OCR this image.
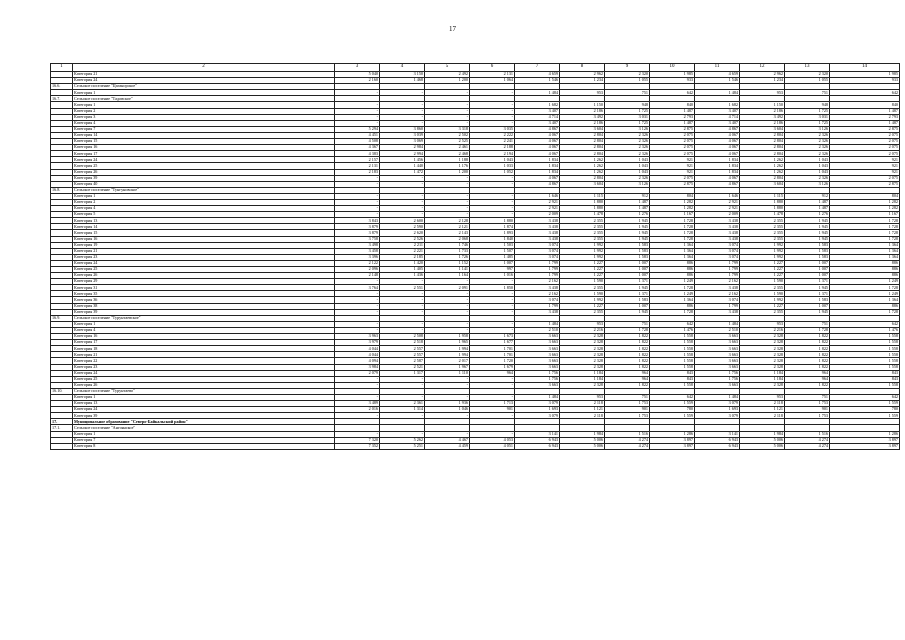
17
1	2	3	4	5	6	7	8	9	10	11	12	13	14
	Категория 21	5 040	3 150	2 492	2 131	4 659	2 962	2 320	1 985	4 659	2 962	2 320	1 985
	Категория 24	2 160	1 468	1 200	1 064	1 546	1 234	1 055	933	1 546	1 234	1 055	933
16.6.	Сельское поселение "Цаганорское"												
	Категория 1	-	-	-	-	1 484	953	751	642	1 484	953	751	642
16.7.	Сельское поселение "Тадовское"												
	Категория 1	-	-	-	-	1 682	1 150	948	840	1 682	1 150	948	840
	Категория 2	-	-	-	-	3 407	2 186	1 725	1 487	3 407	2 186	1 725	1 487
	Категория 3	-	-	-	-	4 714	3 492	3 031	2 793	4 714	3 492	3 031	2 793
	Категория 4	-	-	-	-	3 407	2 186	1 725	1 487	3 407	2 186	1 725	1 487
	Категория 7	5 294	3 860	3 318	3 035	4 867	3 604	3 126	2 875	4 867	3 604	3 126	2 875
	Категория 14	4 451	3 039	2 502	2 222	4 067	2 804	2 326	2 075	4 067	2 804	2 326	2 075
	Категория 15	4 508	3 069	2 525	2 241	4 067	2 804	2 326	2 075	4 067	2 804	2 326	2 075
	Категория 16	4 367	2 984	2 461	2 188	4 067	2 804	2 326	2 075	4 067	2 804	2 326	2 075
	Категория 17	4 383	2 994	2 468	2 194	4 067	2 804	2 326	2 075	4 067	2 804	2 326	2 075
	Категория 24	2 157	1 456	1 188	1 043	1 834	1 262	1 043	921	1 834	1 262	1 043	921
	Категория 25	2 131	1 440	1 176	1 033	1 834	1 262	1 043	921	1 834	1 262	1 043	921
	Категория 26	2 183	1 472	1 200	1 052	1 834	1 262	1 043	921	1 834	1 262	1 043	921
	Категория 39	-	-	-	-	4 067	2 804	2 326	2 075	4 067	2 804	2 326	2 075
	Категория 40	-	-	-	-	4 867	3 604	3 126	2 875	4 867	3 604	3 126	2 875
16.8.	Сельское поселение "Тунгуновское"												
	Категория 1	-	-	-	-	1 646	1 115	912	804	1 646	1 115	912	804
	Категория 2	-	-	-	-	2 921	1 880	1 487	1 282	2 921	1 880	1 487	1 282
	Категория 4	-	-	-	-	2 921	1 880	1 487	1 282	2 921	1 880	1 487	1 282
	Категория 5	-	-	-	-	2 009	1 478	1 276	1 167	2 009	1 478	1 276	1 167
	Категория 13	3 843	2 600	2 128	1 880	3 438	2 355	1 945	1 728	3 438	2 355	1 945	1 728
	Категория 14	3 879	2 590	2 121	1 874	3 438	2 355	1 945	1 728	3 438	2 355	1 945	1 728
	Категория 15	3 879	2 620	2 143	1 893	3 438	2 355	1 945	1 728	3 438	2 355	1 945	1 728
	Категория 16	3 758	2 526	2 068	1 840	3 438	2 355	1 945	1 728	3 438	2 355	1 945	1 728
	Категория 19	3 498	2 211	1 746	1 503	3 074	1 992	1 583	1 364	3 074	1 992	1 583	1 364
	Категория 21	3 458	2 221	1 733	1 507	3 074	1 992	1 583	1 364	3 074	1 992	1 583	1 364
	Категория 23	3 396	2 185	1 726	1 485	3 074	1 992	1 583	1 364	3 074	1 992	1 583	1 364
	Категория 24	2 122	1 420	1 152	1 007	1 799	1 227	1 007	886	1 799	1 227	1 007	886
	Категория 25	2 096	1 405	1 141	997	1 799	1 227	1 007	886	1 799	1 227	1 007	886
	Категория 26	2 148	1 436	1 164	1 016	1 799	1 227	1 007	886	1 799	1 227	1 007	886
	Категория 29	-	-	-	-	2 162	1 590	1 371	1 249	2 162	1 590	1 371	1 249
	Категория 31	3 764	2 551	2 091	1 850	3 438	2 355	1 945	1 728	3 438	2 355	1 945	1 728
	Категория 35	-	-	-	-	2 162	1 590	1 371	1 249	2 162	1 590	1 371	1 249
	Категория 36	-	-	-	-	3 074	1 992	1 583	1 364	3 074	1 992	1 583	1 364
	Категория 38	-	-	-	-	1 799	1 227	1 007	886	1 799	1 227	1 007	886
	Категория 39	-	-	-	-	3 438	2 355	1 945	1 728	3 438	2 355	1 945	1 728
16.9.	Сельское поселение "Турунтаевское"												
	Категория 1	-	-	-	-	1 484	953	751	642	1 484	953	751	642
	Категория 4	-	-	-	-	2 510	2 216	1 728	1 476	2 510	2 216	1 728	1 476
	Категория 16	3 963	2 508	1 958	1 673	3 663	2 328	1 822	1 558	3 663	2 328	1 822	1 558
	Категория 17	3 979	2 518	1 965	1 677	3 663	2 328	1 822	1 558	3 663	2 328	1 822	1 558
	Категория 18	4 044	2 557	1 994	1 701	3 663	2 328	1 822	1 558	3 663	2 328	1 822	1 558
	Категория 21	4 044	2 557	1 994	1 701	3 663	2 328	1 822	1 558	3 663	2 328	1 822	1 558
	Категория 22	4 094	2 587	2 017	1 720	3 663	2 328	1 822	1 558	3 663	2 328	1 822	1 558
	Категория 23	3 984	2 521	1 967	1 679	3 663	2 328	1 822	1 558	3 663	2 328	1 822	1 558
	Категория 24	2 079	1 317	1 110	964	1 756	1 184	964	843	1 756	1 184	964	843
	Категория 25	-	-	-	-	1 756	1 184	964	843	1 756	1 184	964	843
	Категория 26	-	-	-	-	3 663	2 328	1 822	1 558	3 663	2 328	1 822	1 558
16.10.	Сельское поселение "Турунтаево"												
	Категория 1	-	-	-	-	1 484	953	751	642	1 484	953	751	642
	Категория 13	3 489	2 361	1 936	1 713	3 079	2 118	1 753	1 559	3 079	2 118	1 753	1 559
	Категория 24	2 016	1 314	1 046	901	1 693	1 121	901	780	1 693	1 121	901	780
	Категория 39	-	-	-	-	3 079	2 118	1 753	1 559	3 079	2 118	1 753	1 559
17.	Муниципальное образование "Северо-Байкальский район"												
17.1.	Сельское поселение "Ангоянское"												
	Категория 1	-	-	-	-	3 141	1 984	1 516	1 286	3 141	1 984	1 516	1 286
	Категория 7	7 320	5 262	4 467	4 053	6 943	5 006	4 274	3 897	6 943	5 006	4 274	3 897
	Категория 8	7 352	5 251	4 459	4 051	6 943	5 006	4 274	3 897	6 943	5 006	4 274	3 897
